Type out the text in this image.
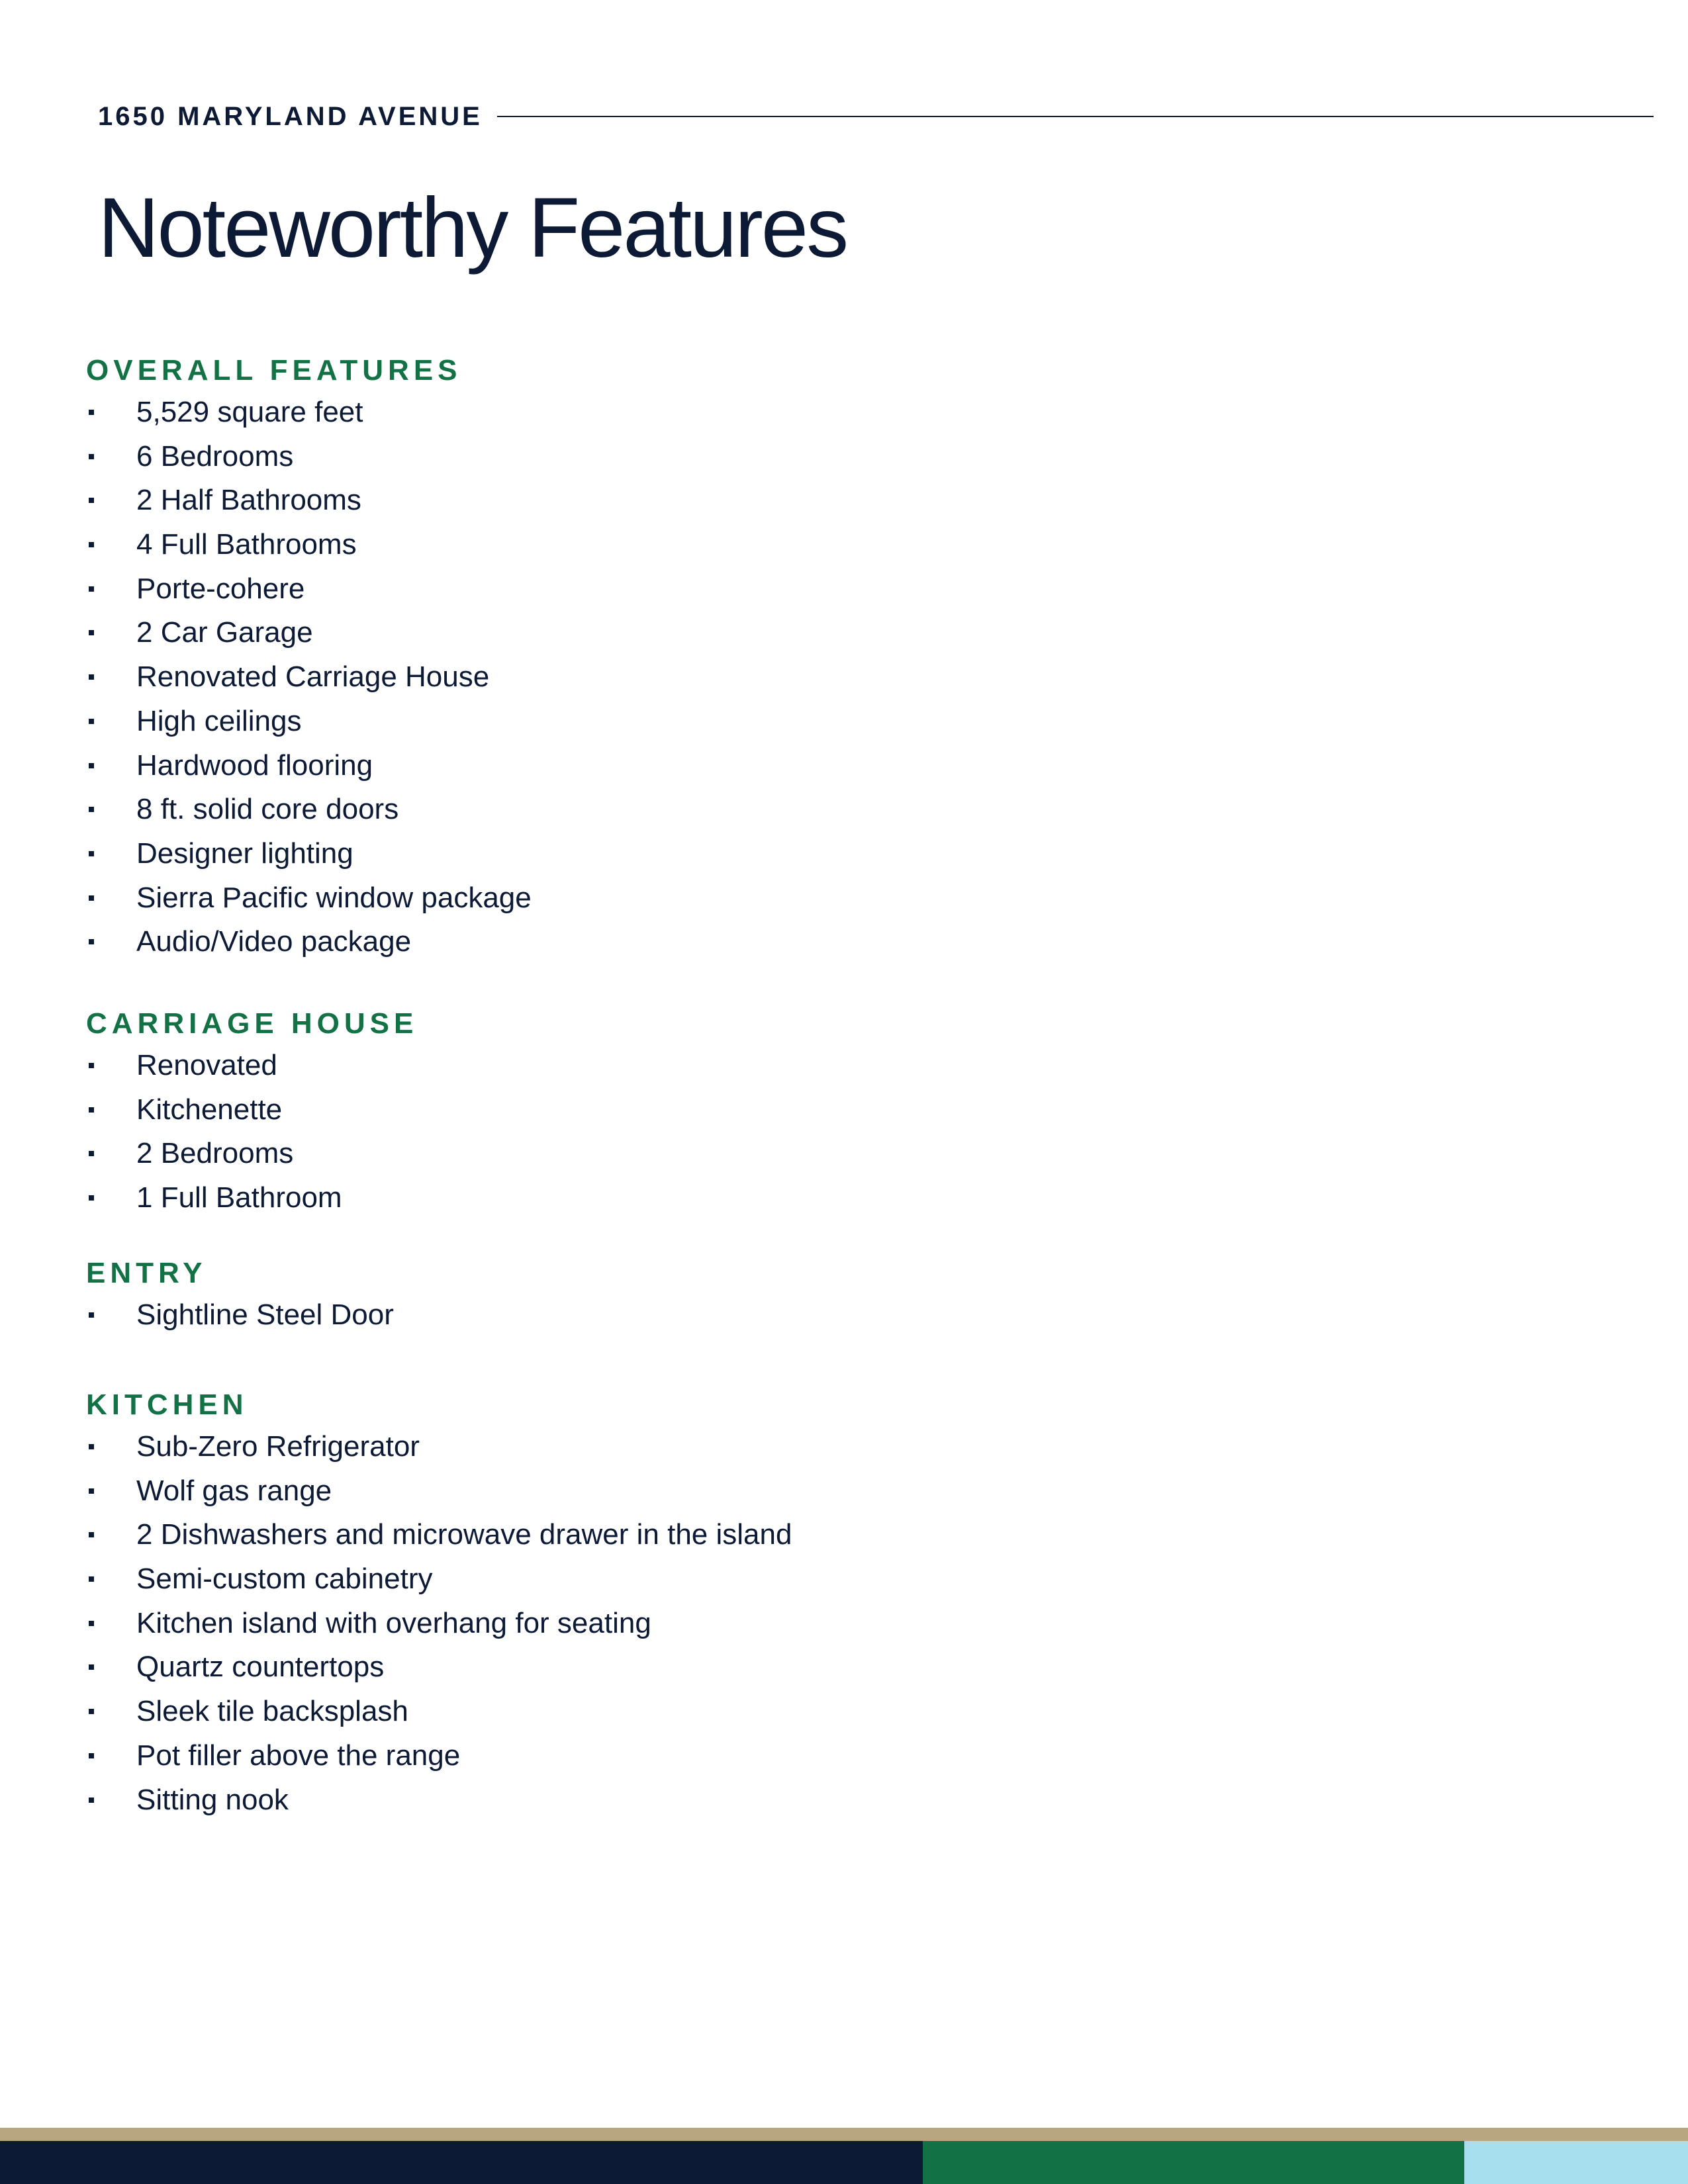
1650 MARYLAND AVENUE
Noteworthy Features
OVERALL FEATURES
5,529 square feet
6 Bedrooms
2 Half Bathrooms
4 Full Bathrooms
Porte-cohere
2 Car Garage
Renovated Carriage House
High ceilings
Hardwood flooring
8 ft. solid core doors
Designer lighting
Sierra Pacific window package
Audio/Video package
CARRIAGE HOUSE
Renovated
Kitchenette
2 Bedrooms
1 Full Bathroom
ENTRY
Sightline Steel Door
KITCHEN
Sub-Zero Refrigerator
Wolf gas range
2 Dishwashers and microwave drawer in the island
Semi-custom cabinetry
Kitchen island with overhang for seating
Quartz countertops
Sleek tile backsplash
Pot filler above the range
Sitting nook
